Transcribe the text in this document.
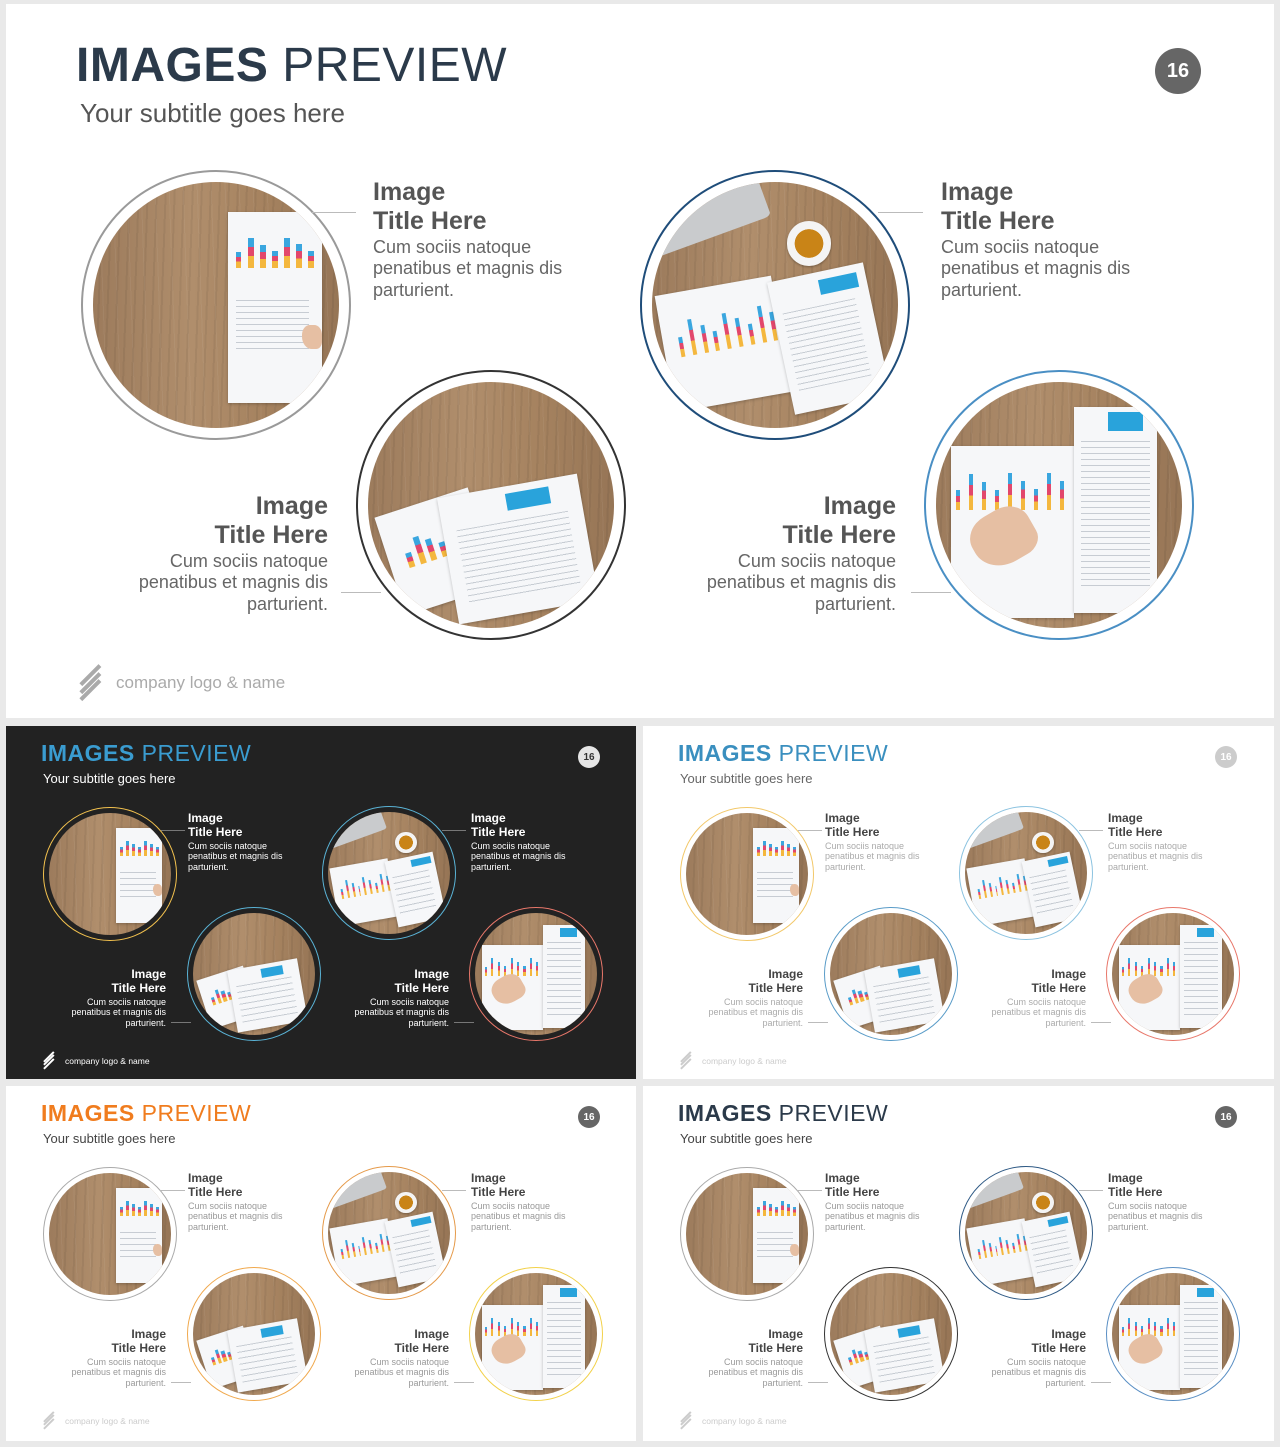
IMAGES PREVIEW
Your subtitle goes here
16
Image
Title Here
Cum sociis natoque penatibus et magnis dis parturient.
Image
Title Here
Cum sociis natoque penatibus et magnis dis parturient.
Image
Title Here
Cum sociis natoque penatibus et magnis dis parturient.
Image
Title Here
Cum sociis natoque penatibus et magnis dis parturient.
company logo & name
IMAGES PREVIEW
Your subtitle goes here
16
Image
Title Here
Cum sociis natoque penatibus et magnis dis parturient.
Image
Title Here
Cum sociis natoque penatibus et magnis dis parturient.
Image
Title Here
Cum sociis natoque penatibus et magnis dis parturient.
Image
Title Here
Cum sociis natoque penatibus et magnis dis parturient.
company logo & name
IMAGES PREVIEW
Your subtitle goes here
16
Image
Title Here
Cum sociis natoque penatibus et magnis dis parturient.
Image
Title Here
Cum sociis natoque penatibus et magnis dis parturient.
Image
Title Here
Cum sociis natoque penatibus et magnis dis parturient.
Image
Title Here
Cum sociis natoque penatibus et magnis dis parturient.
company logo & name
IMAGES PREVIEW
Your subtitle goes here
16
Image
Title Here
Cum sociis natoque penatibus et magnis dis parturient.
Image
Title Here
Cum sociis natoque penatibus et magnis dis parturient.
Image
Title Here
Cum sociis natoque penatibus et magnis dis parturient.
Image
Title Here
Cum sociis natoque penatibus et magnis dis parturient.
company logo & name
IMAGES PREVIEW
Your subtitle goes here
16
Image
Title Here
Cum sociis natoque penatibus et magnis dis parturient.
Image
Title Here
Cum sociis natoque penatibus et magnis dis parturient.
Image
Title Here
Cum sociis natoque penatibus et magnis dis parturient.
Image
Title Here
Cum sociis natoque penatibus et magnis dis parturient.
company logo & name
